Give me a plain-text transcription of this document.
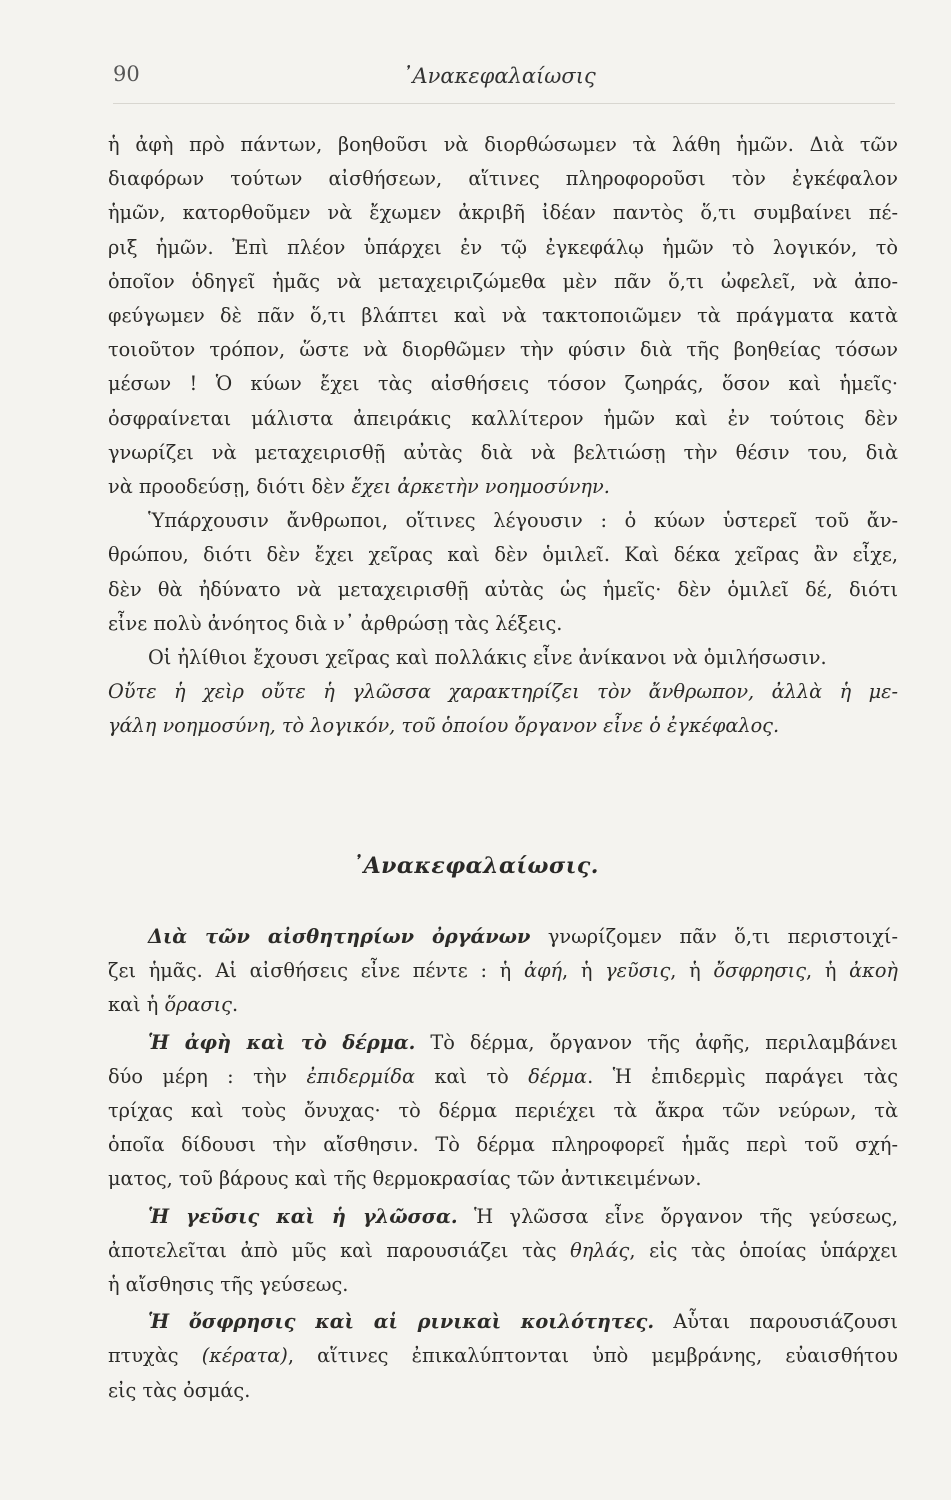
90	᾿Ανακεφαλαίωσις

ἡ ἀφὴ πρὸ πάντων, βοηθοῦσι νὰ διορθώσωμεν τὰ λάθη ἡμῶν. Διὰ τῶν
διαφόρων τούτων αἰσθήσεων, αἵτινες πληροφοροῦσι τὸν ἐγκέφαλον
ἡμῶν, κατορθοῦμεν νὰ ἔχωμεν ἀκριβῆ ἰδέαν παντὸς ὅ,τι συμβαίνει πέ-
ριξ ἡμῶν. Ἐπὶ πλέον ὑπάρχει ἐν τῷ ἐγκεφάλῳ ἡμῶν τὸ λογικόν, τὸ
ὁποῖον ὁδηγεῖ ἡμᾶς νὰ μεταχειριζώμεθα μὲν πᾶν ὅ,τι ὠφελεῖ, νὰ ἀπο-
φεύγωμεν δὲ πᾶν ὅ,τι βλάπτει καὶ νὰ τακτοποιῶμεν τὰ πράγματα κατὰ
τοιοῦτον τρόπον, ὥστε νὰ διορθῶμεν τὴν φύσιν διὰ τῆς βοηθείας τόσων
μέσων ! Ὁ κύων ἔχει τὰς αἰσθήσεις τόσον ζωηράς, ὅσον καὶ ἡμεῖς·
ὀσφραίνεται μάλιστα ἀπειράκις καλλίτερον ἡμῶν καὶ ἐν τούτοις δὲν
γνωρίζει νὰ μεταχειρισθῇ αὐτὰς διὰ νὰ βελτιώσῃ τὴν θέσιν του, διὰ
νὰ προοδεύσῃ, διότι δὲν ἔχει ἀρκετὴν νοημοσύνην.

Ὑπάρχουσιν ἄνθρωποι, οἵτινες λέγουσιν : ὁ κύων ὑστερεῖ τοῦ ἄν-
θρώπου, διότι δὲν ἔχει χεῖρας καὶ δὲν ὁμιλεῖ. Καὶ δέκα χεῖρας ἂν εἶχε,
δὲν θὰ ἠδύνατο νὰ μεταχειρισθῇ αὐτὰς ὡς ἡμεῖς· δὲν ὁμιλεῖ δέ, διότι
εἶνε πολὺ ἀνόητος διὰ ν᾿ ἀρθρώσῃ τὰς λέξεις.

Οἱ ἠλίθιοι ἔχουσι χεῖρας καὶ πολλάκις εἶνε ἀνίκανοι νὰ ὁμιλήσωσιν.

Οὔτε ἡ χεὶρ οὔτε ἡ γλῶσσα χαρακτηρίζει τὸν ἄνθρωπον, ἀλλὰ ἡ με-
γάλη νοημοσύνη, τὸ λογικόν, τοῦ ὁποίου ὄργανον εἶνε ὁ ἐγκέφαλος.

᾿Ανακεφαλαίωσις.

Διὰ τῶν αἰσθητηρίων ὀργάνων γνωρίζομεν πᾶν ὅ,τι περιστοιχί-
ζει ἡμᾶς. Αἱ αἰσθήσεις εἶνε πέντε : ἡ ἀφή, ἡ γεῦσις, ἡ ὄσφρησις, ἡ ἀκοὴ
καὶ ἡ ὅρασις.

Ἡ ἀφὴ καὶ τὸ δέρμα. Τὸ δέρμα, ὄργανον τῆς ἀφῆς, περιλαμβάνει
δύο μέρη : τὴν ἐπιδερμίδα καὶ τὸ δέρμα. Ἡ ἐπιδερμὶς παράγει τὰς
τρίχας καὶ τοὺς ὄνυχας· τὸ δέρμα περιέχει τὰ ἄκρα τῶν νεύρων, τὰ
ὁποῖα δίδουσι τὴν αἴσθησιν. Τὸ δέρμα πληροφορεῖ ἡμᾶς περὶ τοῦ σχή-
ματος, τοῦ βάρους καὶ τῆς θερμοκρασίας τῶν ἀντικειμένων.

Ἡ γεῦσις καὶ ἡ γλῶσσα. Ἡ γλῶσσα εἶνε ὄργανον τῆς γεύσεως,
ἀποτελεῖται ἀπὸ μῦς καὶ παρουσιάζει τὰς θηλάς, εἰς τὰς ὁποίας ὑπάρχει
ἡ αἴσθησις τῆς γεύσεως.

Ἡ ὄσφρησις καὶ αἱ ρινικαὶ κοιλότητες. Αὗται παρουσιάζουσι
πτυχὰς (κέρατα), αἵτινες ἐπικαλύπτονται ὑπὸ μεμβράνης, εὐαισθήτου
εἰς τὰς ὀσμάς.
